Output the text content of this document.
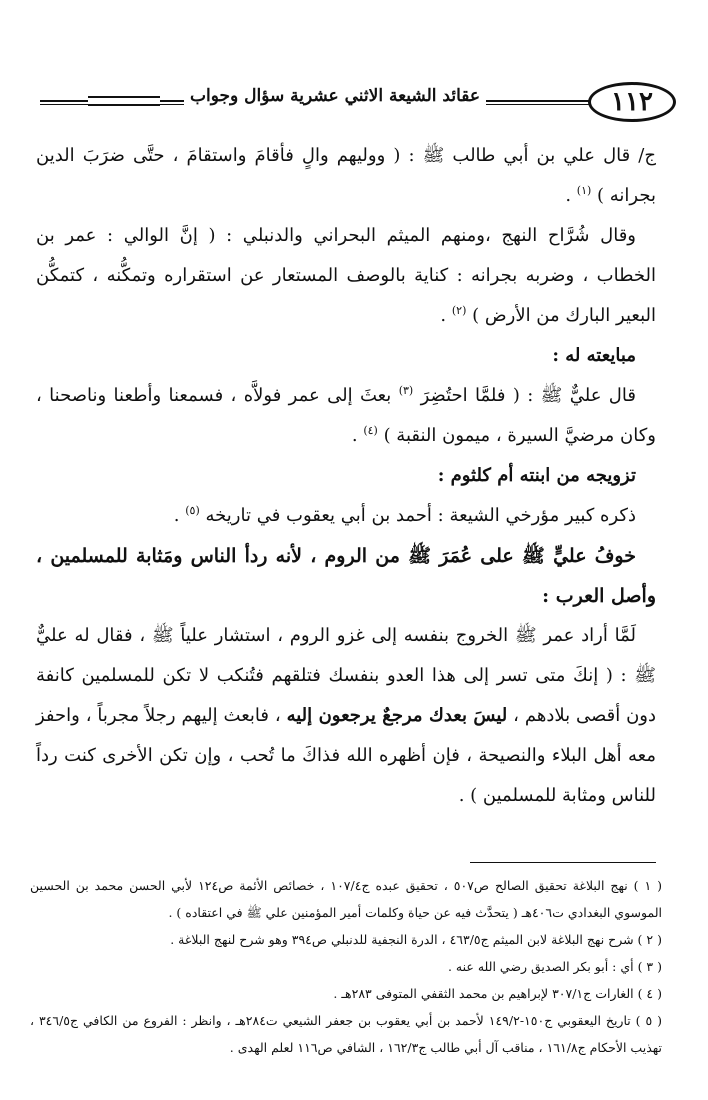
عقائد الشيعة الاثني عشرية سؤال وجواب	١١٢

ج/ قال علي بن أبي طالب ﷺ : ( ووليهم والٍ فأقامَ واستقامَ ، حتَّى ضرَبَ الدين بجرانه ) $^{(١)}$ .

وقال شُرَّاح النهج ،ومنهم الميثم البحراني والدنبلي : ( إنَّ الوالي : عمر بن الخطاب ، وضربه بجرانه : كناية بالوصف المستعار عن استقراره وتمكُّنه ، كتمكُّن البعير البارك من الأرض ) $^{(٢)}$ .

مبايعته له :

قال عليٌّ ﷺ : ( فلمَّا احتُضِرَ $^{(٣)}$ بعثَ إلى عمر فولاَّه ، فسمعنا وأطعنا وناصحنا ، وكان مرضيَّ السيرة ، ميمون النقبة ) $^{(٤)}$ .

تزويجه من ابنته أم كلثوم :

ذكره كبير مؤرخي الشيعة : أحمد بن أبي يعقوب في تاريخه $^{(٥)}$ .

خوفُ عليٍّ ﷺ على عُمَرَ ﷺ من الروم ، لأنه ردأ الناس ومَثابة للمسلمين ، وأصل العرب :

لَمَّا أراد عمر ﷺ الخروج بنفسه إلى غزو الروم ، استشار علياً ﷺ ، فقال له عليٌّ ﷺ : ( إنكَ متى تسر إلى هذا العدو بنفسك فتلقهم فتُنكب لا تكن للمسلمين كانفة دون أقصى بلادهم ، ليسَ بعدك مرجعٌ يرجعون إليه ، فابعث إليهم رجلاً مجرباً ، واحفز معه أهل البلاء والنصيحة ، فإن أظهره الله فذاكَ ما تُحب ، وإن تكن الأخرى كنت رداً للناس ومثابة للمسلمين ) .

( ١ ) نهج البلاغة تحقيق الصالح ص٥٠٧ ، تحقيق عبده ج١٠٧/٤ ، خصائص الأئمة ص١٢٤ لأبي الحسن محمد بن الحسين الموسوي البغدادي ت٤٠٦هـ ( يتحدَّث فيه عن حياة وكلمات أمير المؤمنين علي ﷺ في اعتقاده ) .

( ٢ ) شرح نهج البلاغة لابن الميثم ج٤٦٣/٥ ، الدرة النجفية للدنبلي ص٣٩٤ وهو شرح لنهج البلاغة .

( ٣ ) أي : أبو بكر الصديق رضي الله عنه .

( ٤ ) الغارات ج٣٠٧/١ لإبراهيم بن محمد الثقفي المتوفى ٢٨٣هـ .

( ٥ ) تاريخ اليعقوبي ج١٥٠-١٤٩/٢ لأحمد بن أبي يعقوب بن جعفر الشيعي ت٢٨٤هـ ، وانظر : الفروع من الكافي ج٣٤٦/٥ ، تهذيب الأحكام ج١٦١/٨ ، مناقب آل أبي طالب ج١٦٢/٣ ، الشافي ص١١٦ لعلم الهدى .
